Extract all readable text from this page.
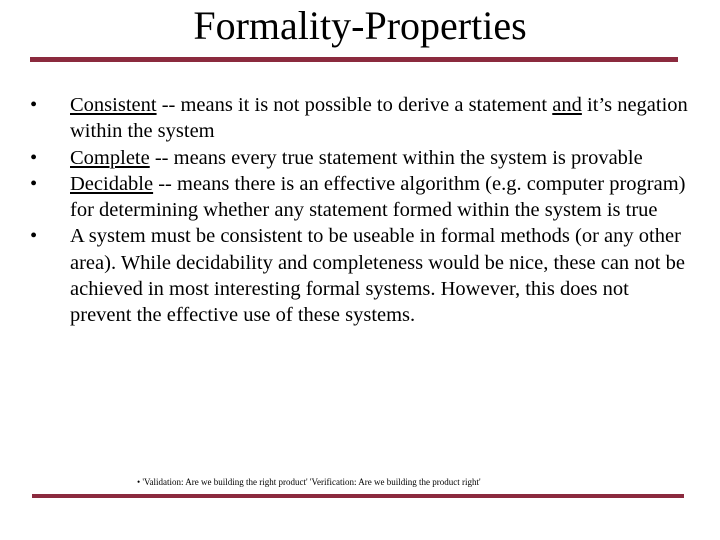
Formality-Properties
•	Consistent -- means it is not possible to derive a statement and it’s negation within the system
•	Complete -- means every true statement within the system is provable
•	Decidable -- means there is an effective algorithm (e.g. computer program) for determining whether any statement formed within the system is true
•	A system must be consistent to be useable in formal methods (or any other area). While decidability and completeness would be nice, these can not be achieved in most interesting formal systems. However, this does not prevent the effective use of these systems.
• 'Validation: Are we building the right product' 'Verification: Are we building the product right'
